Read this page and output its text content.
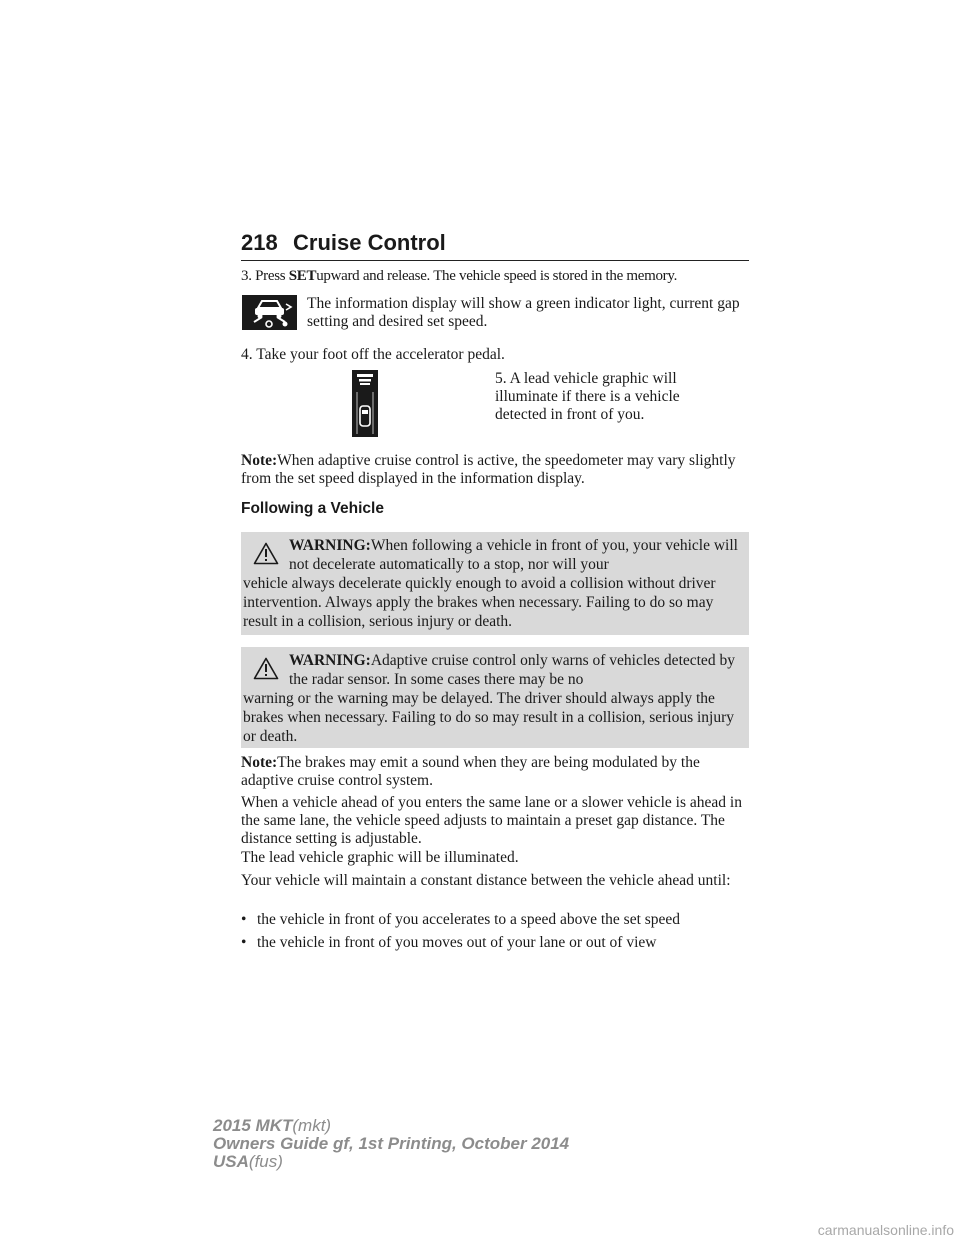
218 Cruise Control

3. Press SETupward and release. The vehicle speed is stored in the memory.

The information display will show a green indicator light, current gap setting and desired set speed.

4. Take your foot off the accelerator pedal.

5. A lead vehicle graphic will illuminate if there is a vehicle detected in front of you.

Note:When adaptive cruise control is active, the speedometer may vary slightly from the set speed displayed in the information display.

Following a Vehicle

WARNING:When following a vehicle in front of you, your vehicle will not decelerate automatically to a stop, nor will your

vehicle always decelerate quickly enough to avoid a collision without driver intervention. Always apply the brakes when necessary. Failing to do so may result in a collision, serious injury or death.

WARNING:Adaptive cruise control only warns of vehicles detected by the radar sensor. In some cases there may be no

warning or the warning may be delayed. The driver should always apply the brakes when necessary. Failing to do so may result in a collision, serious injury or death.

Note:The brakes may emit a sound when they are being modulated by the adaptive cruise control system.

When a vehicle ahead of you enters the same lane or a slower vehicle is ahead in the same lane, the vehicle speed adjusts to maintain a preset gap distance. The distance setting is adjustable.

The lead vehicle graphic will be illuminated.

Your vehicle will maintain a constant distance between the vehicle ahead until:

• the vehicle in front of you accelerates to a speed above the set speed
• the vehicle in front of you moves out of your lane or out of view
2015 MKT(mkt)
Owners Guide gf, 1st Printing, October 2014
USA(fus)
carmanualsonline.info
